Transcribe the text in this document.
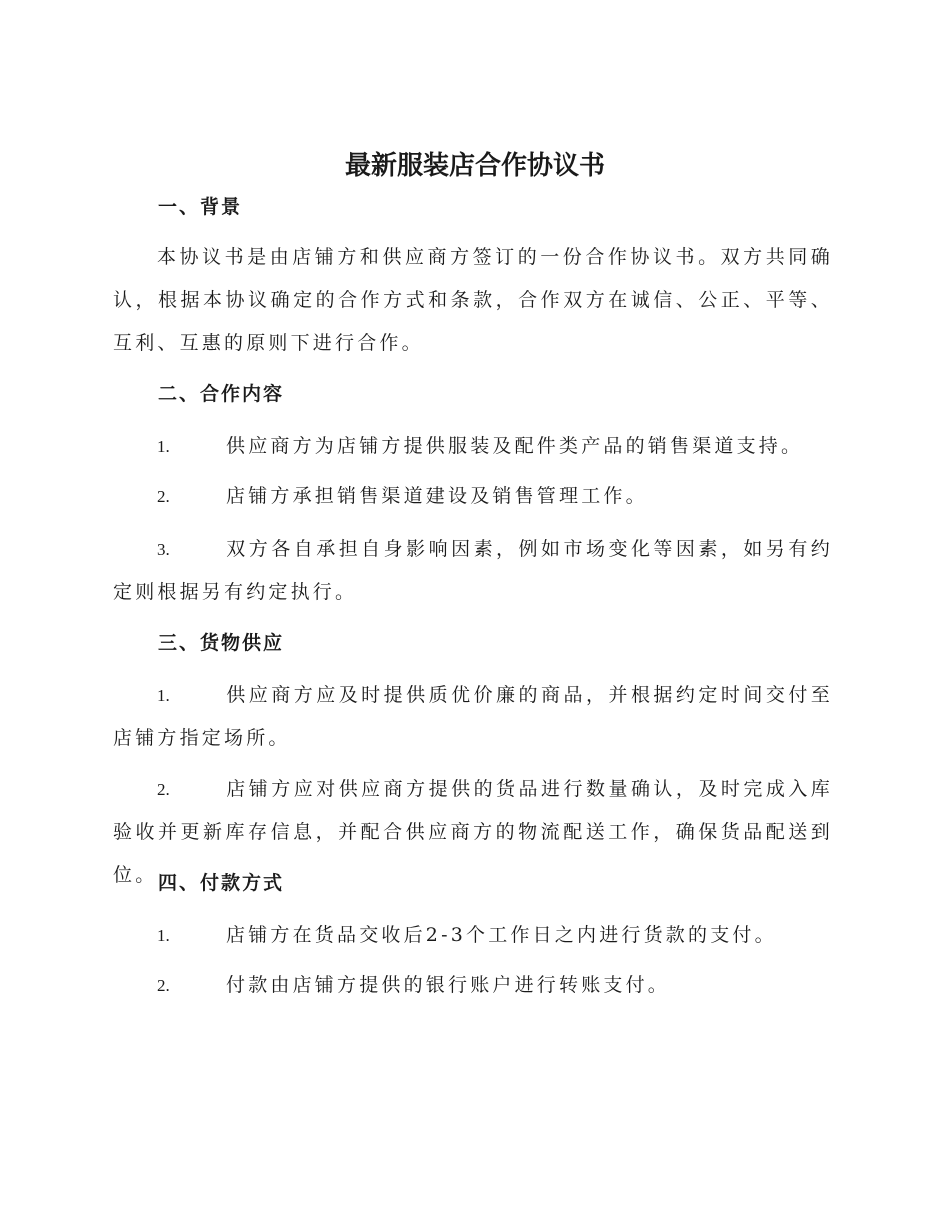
最新服装店合作协议书
一、背景
本协议书是由店铺方和供应商方签订的一份合作协议书。双方共同确认，根据本协议确定的合作方式和条款，合作双方在诚信、公正、平等、互利、互惠的原则下进行合作。
二、合作内容
1.	供应商方为店铺方提供服装及配件类产品的销售渠道支持。
2.	店铺方承担销售渠道建设及销售管理工作。
3.	双方各自承担自身影响因素，例如市场变化等因素，如另有约定则根据另有约定执行。
三、货物供应
1.	供应商方应及时提供质优价廉的商品，并根据约定时间交付至店铺方指定场所。
2.	店铺方应对供应商方提供的货品进行数量确认，及时完成入库验收并更新库存信息，并配合供应商方的物流配送工作，确保货品配送到位。 四、付款方式
1.	店铺方在货品交收后2-3个工作日之内进行货款的支付。
2.	付款由店铺方提供的银行账户进行转账支付。
